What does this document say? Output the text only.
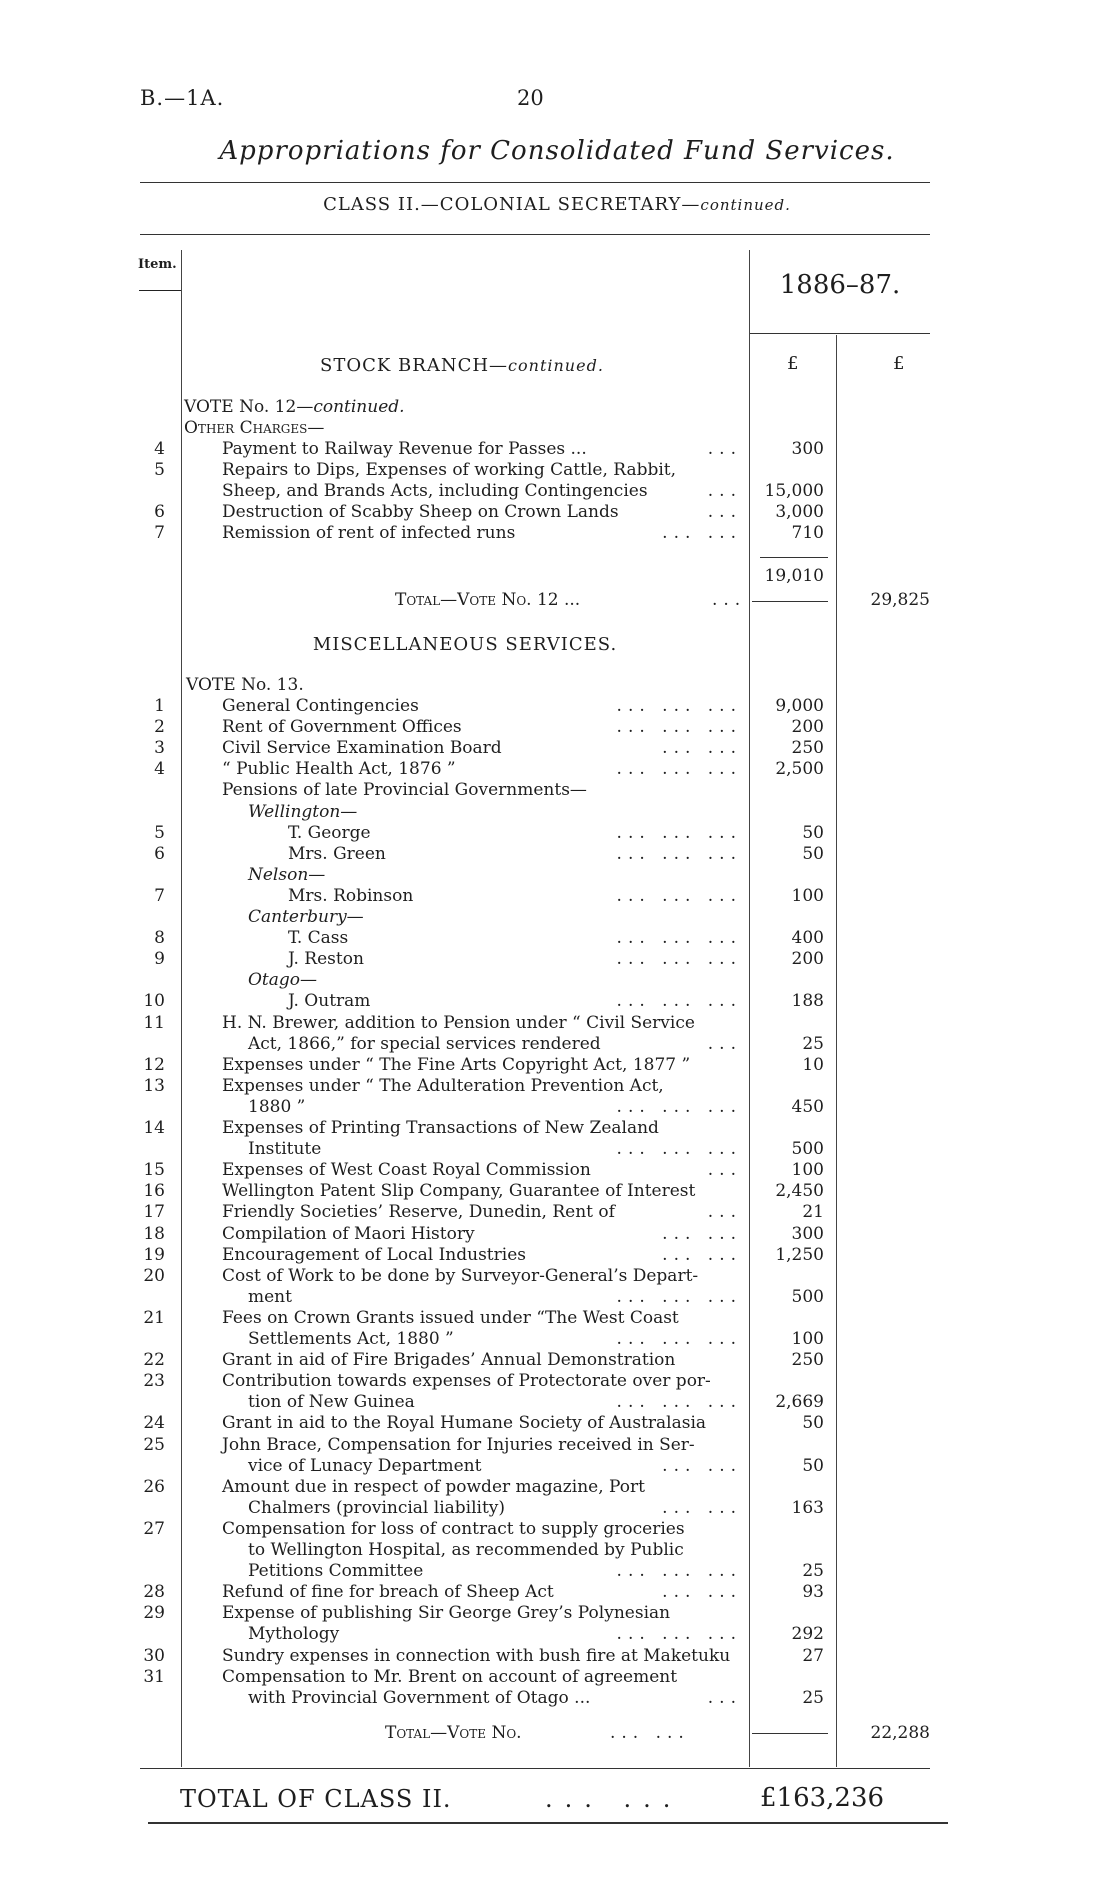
B.—1A.	20
Appropriations for Consolidated Fund Services.
CLASS II.—COLONIAL SECRETARY—continued.
Item.
1886–87.
£	£
STOCK BRANCH—continued.
VOTE No. 12—continued.
Other Charges—
4	Payment to Railway Revenue for Passes ...	...	300
5	Repairs to Dips, Expenses of working Cattle, Rabbit,
Sheep, and Brands Acts, including Contingencies	...	15,000
6	Destruction of Scabby Sheep on Crown Lands	...	3,000
7	Remission of rent of infected runs	... ...	710
19,010
Total—Vote No. 12 ...	...	29,825
MISCELLANEOUS SERVICES.
VOTE No. 13.
1	General Contingencies	... ... ...	9,000
2	Rent of Government Offices	... ... ...	200
3	Civil Service Examination Board	... ...	250
4	“ Public Health Act, 1876 ”	... ... ...	2,500
Pensions of late Provincial Governments—
Wellington—
5	T. George	... ... ...	50
6	Mrs. Green	... ... ...	50
Nelson—
7	Mrs. Robinson	... ... ...	100
Canterbury—
8	T. Cass	... ... ...	400
9	J. Reston	... ... ...	200
Otago—
10	J. Outram	... ... ...	188
11	H. N. Brewer, addition to Pension under “ Civil Service
Act, 1866,” for special services rendered	...	25
12	Expenses under “ The Fine Arts Copyright Act, 1877 ”	10
13	Expenses under “ The Adulteration Prevention Act,
1880 ”	... ... ...	450
14	Expenses of Printing Transactions of New Zealand
Institute	... ... ...	500
15	Expenses of West Coast Royal Commission	...	100
16	Wellington Patent Slip Company, Guarantee of Interest	2,450
17	Friendly Societies’ Reserve, Dunedin, Rent of	...	21
18	Compilation of Maori History	... ...	300
19	Encouragement of Local Industries	... ...	1,250
20	Cost of Work to be done by Surveyor-General’s Depart-
ment	... ... ...	500
21	Fees on Crown Grants issued under “The West Coast
Settlements Act, 1880 ”	... ... ...	100
22	Grant in aid of Fire Brigades’ Annual Demonstration	250
23	Contribution towards expenses of Protectorate over por-
tion of New Guinea	... ... ...	2,669
24	Grant in aid to the Royal Humane Society of Australasia	50
25	John Brace, Compensation for Injuries received in Ser-
vice of Lunacy Department	... ...	50
26	Amount due in respect of powder magazine, Port
Chalmers (provincial liability)	... ...	163
27	Compensation for loss of contract to supply groceries
to Wellington Hospital, as recommended by Public
Petitions Committee	... ... ...	25
28	Refund of fine for breach of Sheep Act	... ...	93
29	Expense of publishing Sir George Grey’s Polynesian
Mythology	... ... ...	292
30	Sundry expenses in connection with bush fire at Maketuku	27
31	Compensation to Mr. Brent on account of agreement
with Provincial Government of Otago ...	...	25
Total—Vote No.	... ...	22,288
TOTAL OF CLASS II.	... ...	£163,236
